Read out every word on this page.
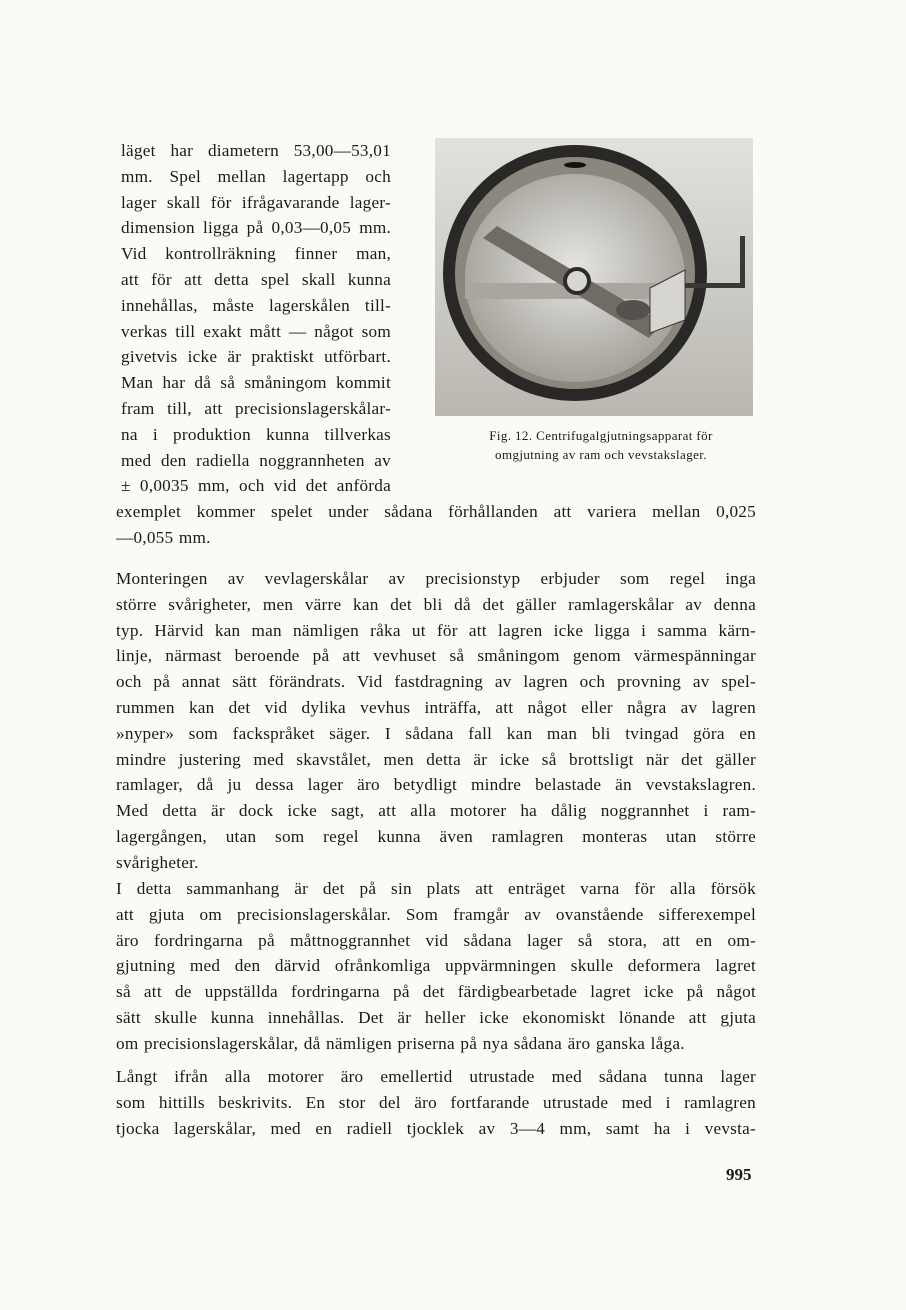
läget har diametern 53,00—53,01
mm. Spel mellan lagertapp och
lager skall för ifrågavarande lager-
dimension ligga på 0,03—0,05 mm.
Vid kontrollräkning finner man,
att för att detta spel skall kunna
innehållas, måste lagerskålen till-
verkas till exakt mått — något som
givetvis icke är praktiskt utförbart.
Man har då så småningom kommit
fram till, att precisionslagerskålar-
na i produktion kunna tillverkas
med den radiella noggrannheten av
± 0,0035 mm, och vid det anförda
exemplet kommer spelet under sådana förhållanden att variera mellan 0,025
—0,055 mm.
Fig. 12. Centrifugalgjutningsapparat för
omgjutning av ram och vevstakslager.
Monteringen av vevlagerskålar av precisionstyp erbjuder som regel inga
större svårigheter, men värre kan det bli då det gäller ramlagerskålar av denna
typ. Härvid kan man nämligen råka ut för att lagren icke ligga i samma kärn-
linje, närmast beroende på att vevhuset så småningom genom värmespänningar
och på annat sätt förändrats. Vid fastdragning av lagren och provning av spel-
rummen kan det vid dylika vevhus inträffa, att något eller några av lagren
»nyper» som fackspråket säger. I sådana fall kan man bli tvingad göra en
mindre justering med skavstålet, men detta är icke så brottsligt när det gäller
ramlager, då ju dessa lager äro betydligt mindre belastade än vevstakslagren.
Med detta är dock icke sagt, att alla motorer ha dålig noggrannhet i ram-
lagergången, utan som regel kunna även ramlagren monteras utan större
svårigheter.
I detta sammanhang är det på sin plats att enträget varna för alla försök
att gjuta om precisionslagerskålar. Som framgår av ovanstående sifferexempel
äro fordringarna på måttnoggrannhet vid sådana lager så stora, att en om-
gjutning med den därvid ofrånkomliga uppvärmningen skulle deformera lagret
så att de uppställda fordringarna på det färdigbearbetade lagret icke på något
sätt skulle kunna innehållas. Det är heller icke ekonomiskt lönande att gjuta
om precisionslagerskålar, då nämligen priserna på nya sådana äro ganska låga.
Långt ifrån alla motorer äro emellertid utrustade med sådana tunna lager
som hittills beskrivits. En stor del äro fortfarande utrustade med i ramlagren
tjocka lagerskålar, med en radiell tjocklek av 3—4 mm, samt ha i vevsta-
995
